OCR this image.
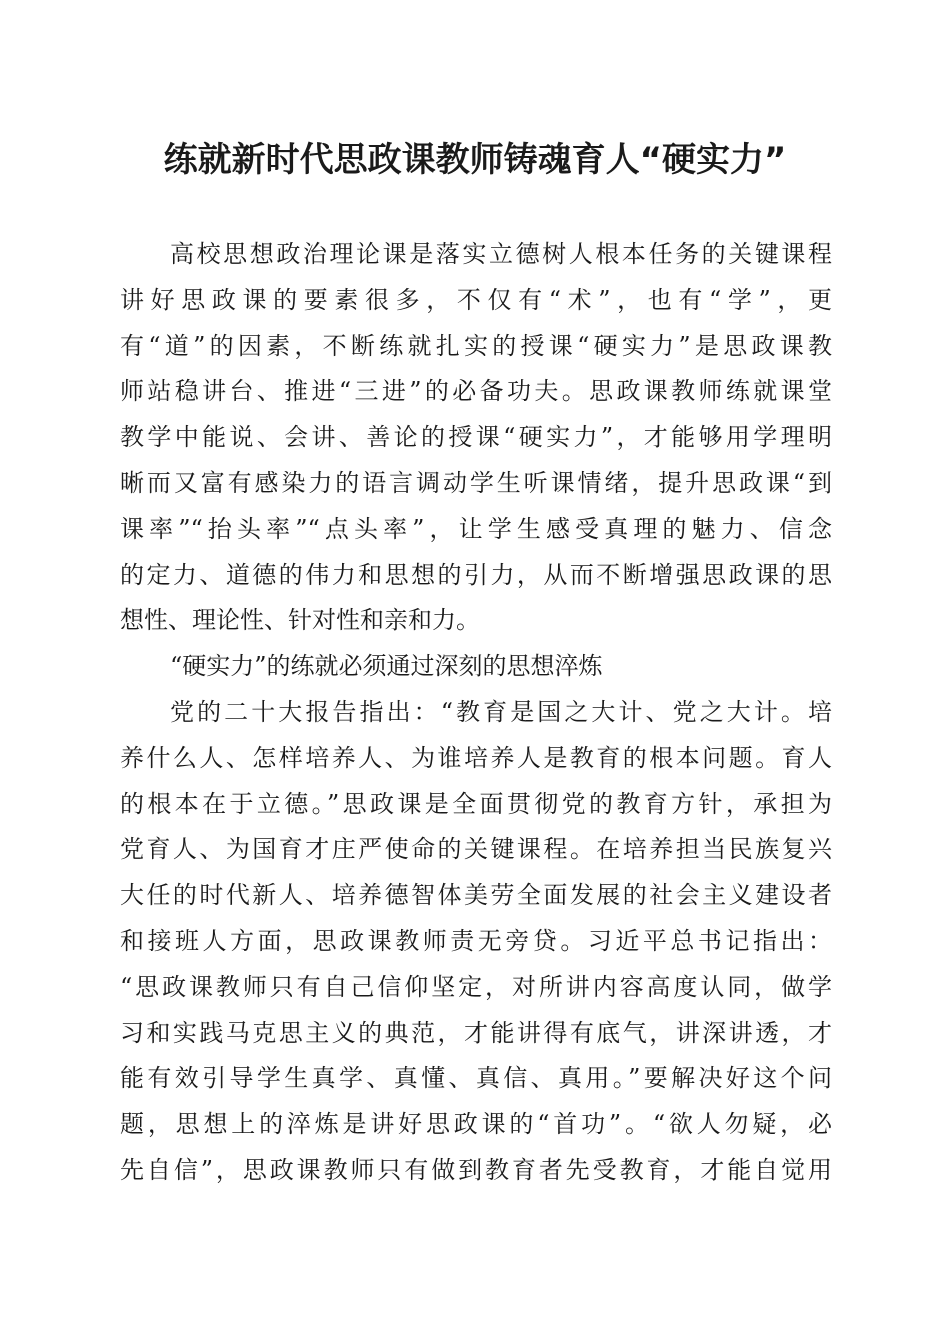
练就新时代思政课教师铸魂育人“硬实力”
高校思想政治理论课是落实立德树人根本任务的关键课程
讲好思政课的要素很多，不仅有“术”，也有“学”，更
有“道”的因素，不断练就扎实的授课“硬实力”是思政课教
师站稳讲台、推进“三进”的必备功夫。思政课教师练就课堂
教学中能说、会讲、善论的授课“硬实力”，才能够用学理明
晰而又富有感染力的语言调动学生听课情绪，提升思政课“到
课率”“抬头率”“点头率”，让学生感受真理的魅力、信念
的定力、道德的伟力和思想的引力，从而不断增强思政课的思
想性、理论性、针对性和亲和力。
“硬实力”的练就必须通过深刻的思想淬炼
党的二十大报告指出：“教育是国之大计、党之大计。培
养什么人、怎样培养人、为谁培养人是教育的根本问题。育人
的根本在于立德。”思政课是全面贯彻党的教育方针，承担为
党育人、为国育才庄严使命的关键课程。在培养担当民族复兴
大任的时代新人、培养德智体美劳全面发展的社会主义建设者
和接班人方面，思政课教师责无旁贷。习近平总书记指出：
“思政课教师只有自己信仰坚定，对所讲内容高度认同，做学
习和实践马克思主义的典范，才能讲得有底气，讲深讲透，才
能有效引导学生真学、真懂、真信、真用。”要解决好这个问
题，思想上的淬炼是讲好思政课的“首功”。“欲人勿疑，必
先自信”，思政课教师只有做到教育者先受教育，才能自觉用
